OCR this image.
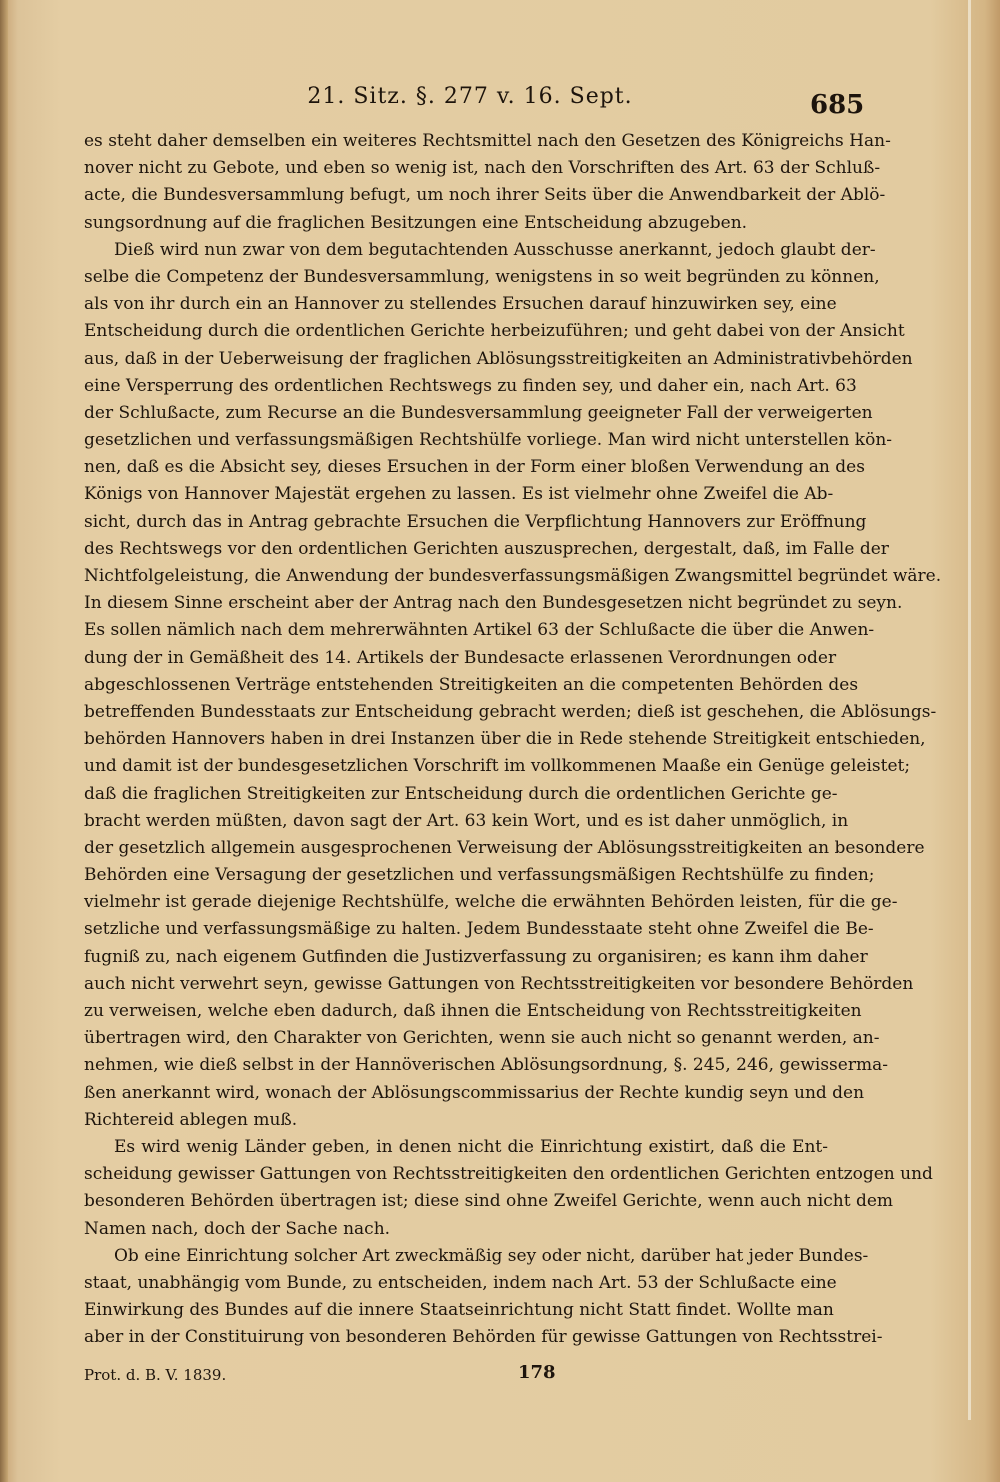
21. Sitz. §. 277 v. 16. Sept.	685
es steht daher demselben ein weiteres Rechtsmittel nach den Gesetzen des Königreichs Han-
nover nicht zu Gebote, und eben so wenig ist, nach den Vorschriften des Art. 63 der Schluß-
acte, die Bundesversammlung befugt, um noch ihrer Seits über die Anwendbarkeit der Ablö-
sungsordnung auf die fraglichen Besitzungen eine Entscheidung abzugeben.
Dieß wird nun zwar von dem begutachtenden Ausschusse anerkannt, jedoch glaubt der-
selbe die Competenz der Bundesversammlung, wenigstens in so weit begründen zu können,
als von ihr durch ein an Hannover zu stellendes Ersuchen darauf hinzuwirken sey, eine
Entscheidung durch die ordentlichen Gerichte herbeizuführen; und geht dabei von der Ansicht
aus, daß in der Ueberweisung der fraglichen Ablösungsstreitigkeiten an Administrativbehörden
eine Versperrung des ordentlichen Rechtswegs zu finden sey, und daher ein, nach Art. 63
der Schlußacte, zum Recurse an die Bundesversammlung geeigneter Fall der verweigerten
gesetzlichen und verfassungsmäßigen Rechtshülfe vorliege. Man wird nicht unterstellen kön-
nen, daß es die Absicht sey, dieses Ersuchen in der Form einer bloßen Verwendung an des
Königs von Hannover Majestät ergehen zu lassen. Es ist vielmehr ohne Zweifel die Ab-
sicht, durch das in Antrag gebrachte Ersuchen die Verpflichtung Hannovers zur Eröffnung
des Rechtswegs vor den ordentlichen Gerichten auszusprechen, dergestalt, daß, im Falle der
Nichtfolgeleistung, die Anwendung der bundesverfassungsmäßigen Zwangsmittel begründet wäre.
In diesem Sinne erscheint aber der Antrag nach den Bundesgesetzen nicht begründet zu seyn.
Es sollen nämlich nach dem mehrerwähnten Artikel 63 der Schlußacte die über die Anwen-
dung der in Gemäßheit des 14. Artikels der Bundesacte erlassenen Verordnungen oder
abgeschlossenen Verträge entstehenden Streitigkeiten an die competenten Behörden des
betreffenden Bundesstaats zur Entscheidung gebracht werden; dieß ist geschehen, die Ablösungs-
behörden Hannovers haben in drei Instanzen über die in Rede stehende Streitigkeit entschieden,
und damit ist der bundesgesetzlichen Vorschrift im vollkommenen Maaße ein Genüge geleistet;
daß die fraglichen Streitigkeiten zur Entscheidung durch die ordentlichen Gerichte ge-
bracht werden müßten, davon sagt der Art. 63 kein Wort, und es ist daher unmöglich, in
der gesetzlich allgemein ausgesprochenen Verweisung der Ablösungsstreitigkeiten an besondere
Behörden eine Versagung der gesetzlichen und verfassungsmäßigen Rechtshülfe zu finden;
vielmehr ist gerade diejenige Rechtshülfe, welche die erwähnten Behörden leisten, für die ge-
setzliche und verfassungsmäßige zu halten. Jedem Bundesstaate steht ohne Zweifel die Be-
fugniß zu, nach eigenem Gutfinden die Justizverfassung zu organisiren; es kann ihm daher
auch nicht verwehrt seyn, gewisse Gattungen von Rechtsstreitigkeiten vor besondere Behörden
zu verweisen, welche eben dadurch, daß ihnen die Entscheidung von Rechtsstreitigkeiten
übertragen wird, den Charakter von Gerichten, wenn sie auch nicht so genannt werden, an-
nehmen, wie dieß selbst in der Hannöverischen Ablösungsordnung, §. 245, 246, gewisserma-
ßen anerkannt wird, wonach der Ablösungscommissarius der Rechte kundig seyn und den
Richtereid ablegen muß.
Es wird wenig Länder geben, in denen nicht die Einrichtung existirt, daß die Ent-
scheidung gewisser Gattungen von Rechtsstreitigkeiten den ordentlichen Gerichten entzogen und
besonderen Behörden übertragen ist; diese sind ohne Zweifel Gerichte, wenn auch nicht dem
Namen nach, doch der Sache nach.
Ob eine Einrichtung solcher Art zweckmäßig sey oder nicht, darüber hat jeder Bundes-
staat, unabhängig vom Bunde, zu entscheiden, indem nach Art. 53 der Schlußacte eine
Einwirkung des Bundes auf die innere Staatseinrichtung nicht Statt findet. Wollte man
aber in der Constituirung von besonderen Behörden für gewisse Gattungen von Rechtsstrei-
Prot. d. B. V. 1839.	178
